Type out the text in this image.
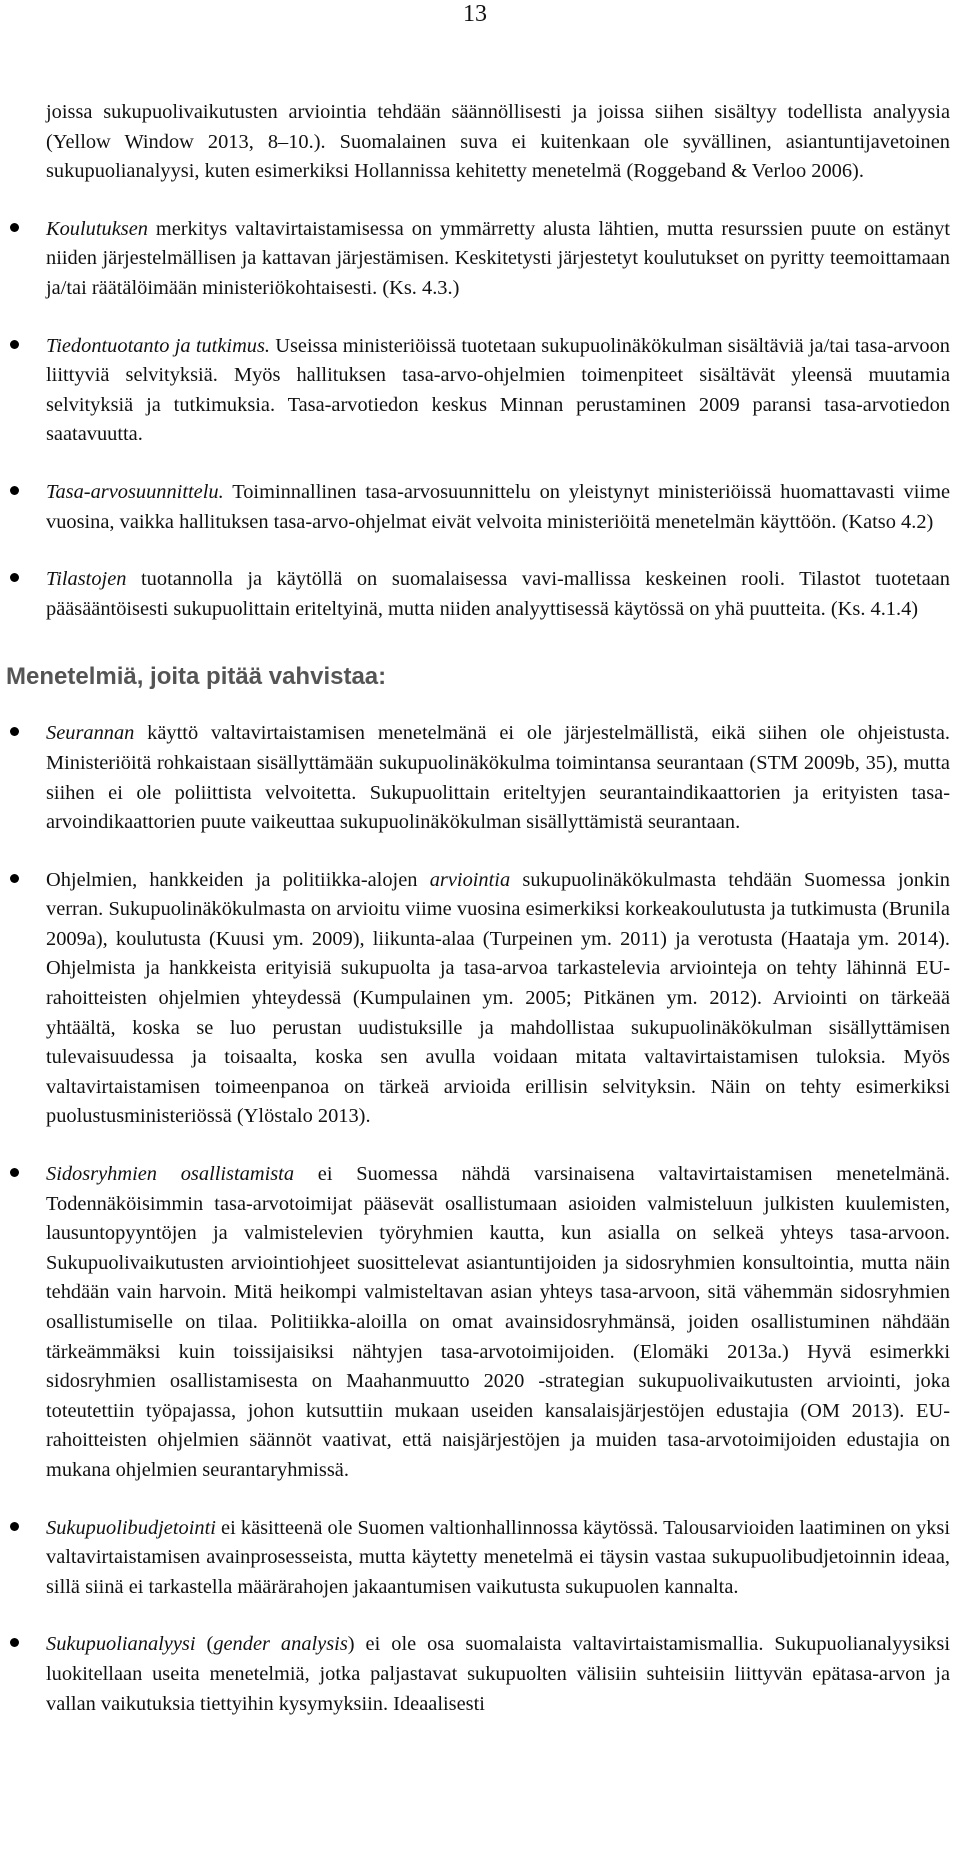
13

joissa sukupuolivaikutusten arviointia tehdään säännöllisesti ja joissa siihen sisältyy todellista analyysia (Yellow Window 2013, 8–10.). Suomalainen suva ei kuitenkaan ole syvällinen, asiantuntijavetoinen sukupuolianalyysi, kuten esimerkiksi Hollannissa kehitetty menetelmä (Roggeband & Verloo 2006).

Koulutuksen merkitys valtavirtaistamisessa on ymmärretty alusta lähtien, mutta resurssien puute on estänyt niiden järjestelmällisen ja kattavan järjestämisen. Keskitetysti järjestetyt koulutukset on pyritty teemoittamaan ja/tai räätälöimään ministeriökohtaisesti. (Ks. 4.3.)
Tiedontuotanto ja tutkimus. Useissa ministeriöissä tuotetaan sukupuolinäkökulman sisältäviä ja/tai tasa-arvoon liittyviä selvityksiä. Myös hallituksen tasa-arvo-ohjelmien toimenpiteet sisältävät yleensä muutamia selvityksiä ja tutkimuksia. Tasa-arvotiedon keskus Minnan perustaminen 2009 paransi tasa-arvotiedon saatavuutta.
Tasa-arvosuunnittelu. Toiminnallinen tasa-arvosuunnittelu on yleistynyt ministeriöissä huomattavasti viime vuosina, vaikka hallituksen tasa-arvo-ohjelmat eivät velvoita ministeriöitä menetelmän käyttöön. (Katso 4.2)
Tilastojen tuotannolla ja käytöllä on suomalaisessa vavi-mallissa keskeinen rooli. Tilastot tuotetaan pääsääntöisesti sukupuolittain eriteltyinä, mutta niiden analyyttisessä käytössä on yhä puutteita. (Ks. 4.1.4)
Menetelmiä, joita pitää vahvistaa:
Seurannan käyttö valtavirtaistamisen menetelmänä ei ole järjestelmällistä, eikä siihen ole ohjeistusta. Ministeriöitä rohkaistaan sisällyttämään sukupuolinäkökulma toimintansa seurantaan (STM 2009b, 35), mutta siihen ei ole poliittista velvoitetta. Sukupuolittain eriteltyjen seurantaindikaattorien ja erityisten tasa-arvoindikaattorien puute vaikeuttaa sukupuolinäkökulman sisällyttämistä seurantaan.
Ohjelmien, hankkeiden ja politiikka-alojen arviointia sukupuolinäkökulmasta tehdään Suomessa jonkin verran. Sukupuolinäkökulmasta on arvioitu viime vuosina esimerkiksi korkeakoulutusta ja tutkimusta (Brunila 2009a), koulutusta (Kuusi ym. 2009), liikunta-alaa (Turpeinen ym. 2011) ja verotusta (Haataja ym. 2014). Ohjelmista ja hankkeista erityisiä sukupuolta ja tasa-arvoa tarkastelevia arviointeja on tehty lähinnä EU-rahoitteisten ohjelmien yhteydessä (Kumpulainen ym. 2005; Pitkänen ym. 2012). Arviointi on tärkeää yhtäältä, koska se luo perustan uudistuksille ja mahdollistaa sukupuolinäkökulman sisällyttämisen tulevaisuudessa ja toisaalta, koska sen avulla voidaan mitata valtavirtaistamisen tuloksia. Myös valtavirtaistamisen toimeenpanoa on tärkeä arvioida erillisin selvityksin. Näin on tehty esimerkiksi puolustusministeriössä (Ylöstalo 2013).
Sidosryhmien osallistamista ei Suomessa nähdä varsinaisena valtavirtaistamisen menetelmänä. Todennäköisimmin tasa-arvotoimijat pääsevät osallistumaan asioiden valmisteluun julkisten kuulemisten, lausuntopyyntöjen ja valmistelevien työryhmien kautta, kun asialla on selkeä yhteys tasa-arvoon. Sukupuolivaikutusten arviointiohjeet suosittelevat asiantuntijoiden ja sidosryhmien konsultointia, mutta näin tehdään vain harvoin. Mitä heikompi valmisteltavan asian yhteys tasa-arvoon, sitä vähemmän sidosryhmien osallistumiselle on tilaa. Politiikka-aloilla on omat avainsidosryhmänsä, joiden osallistuminen nähdään tärkeämmäksi kuin toissijaisiksi nähtyjen tasa-arvotoimijoiden. (Elomäki 2013a.) Hyvä esimerkki sidosryhmien osallistamisesta on Maahanmuutto 2020 -strategian sukupuolivaikutusten arviointi, joka toteutettiin työpajassa, johon kutsuttiin mukaan useiden kansalaisjärjestöjen edustajia (OM 2013). EU-rahoitteisten ohjelmien säännöt vaativat, että naisjärjestöjen ja muiden tasa-arvotoimijoiden edustajia on mukana ohjelmien seurantaryhmissä.
Sukupuolibudjetointi ei käsitteenä ole Suomen valtionhallinnossa käytössä. Talousarvioiden laatiminen on yksi valtavirtaistamisen avainprosesseista, mutta käytetty menetelmä ei täysin vastaa sukupuolibudjetoinnin ideaa, sillä siinä ei tarkastella määrärahojen jakaantumisen vaikutusta sukupuolen kannalta.
Sukupuolianalyysi (gender analysis) ei ole osa suomalaista valtavirtaistamismallia. Sukupuolianalyysiksi luokitellaan useita menetelmiä, jotka paljastavat sukupuolten välisiin suhteisiin liittyvän epätasa-arvon ja vallan vaikutuksia tiettyihin kysymyksiin. Ideaalisesti
